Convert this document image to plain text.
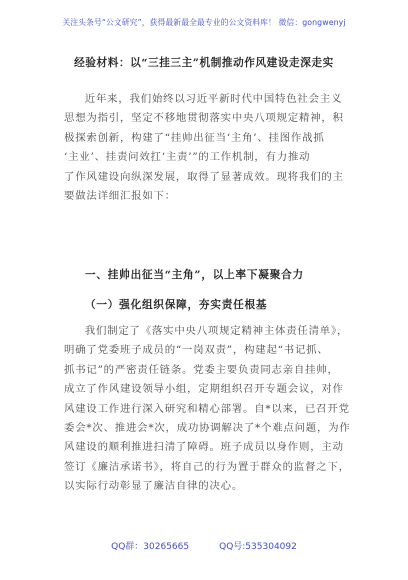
关注头条号“公文研究”，获得最新最全最专业的公文资料库！ 微信：gongwenyj
经验材料：以“三挂三主”机制推动作风建设走深走实

近年来，我们始终以习近平新时代中国特色社会主义
思想为指引，坚定不移地贯彻落实中央八项规定精神，积
极探索创新，构建了“挂帅出征当‘主角’、挂图作战抓
‘主业’、挂责问效扛‘主责’”的工作机制，有力推动
了作风建设向纵深发展，取得了显著成效。现将我们的主
要做法详细汇报如下：

一、挂帅出征当“主角”，以上率下凝聚合力
（一）强化组织保障，夯实责任根基

我们制定了《落实中央八项规定精神主体责任清单》，
明确了党委班子成员的“一岗双责”，构建起“书记抓、
抓书记”的严密责任链条。党委主要负责同志亲自挂帅，
成立了作风建设领导小组，定期组织召开专题会议，对作
风建设工作进行深入研究和精心部署。自*以来，已召开党
委会*次、推进会*次，成功协调解决了*个难点问题，为作
风建设的顺利推进扫清了障碍。班子成员以身作则，主动
签订《廉洁承诺书》，将自己的行为置于群众的监督之下，
以实际行动彰显了廉洁自律的决心。

QQ群：30265665	QQ号:535304092
